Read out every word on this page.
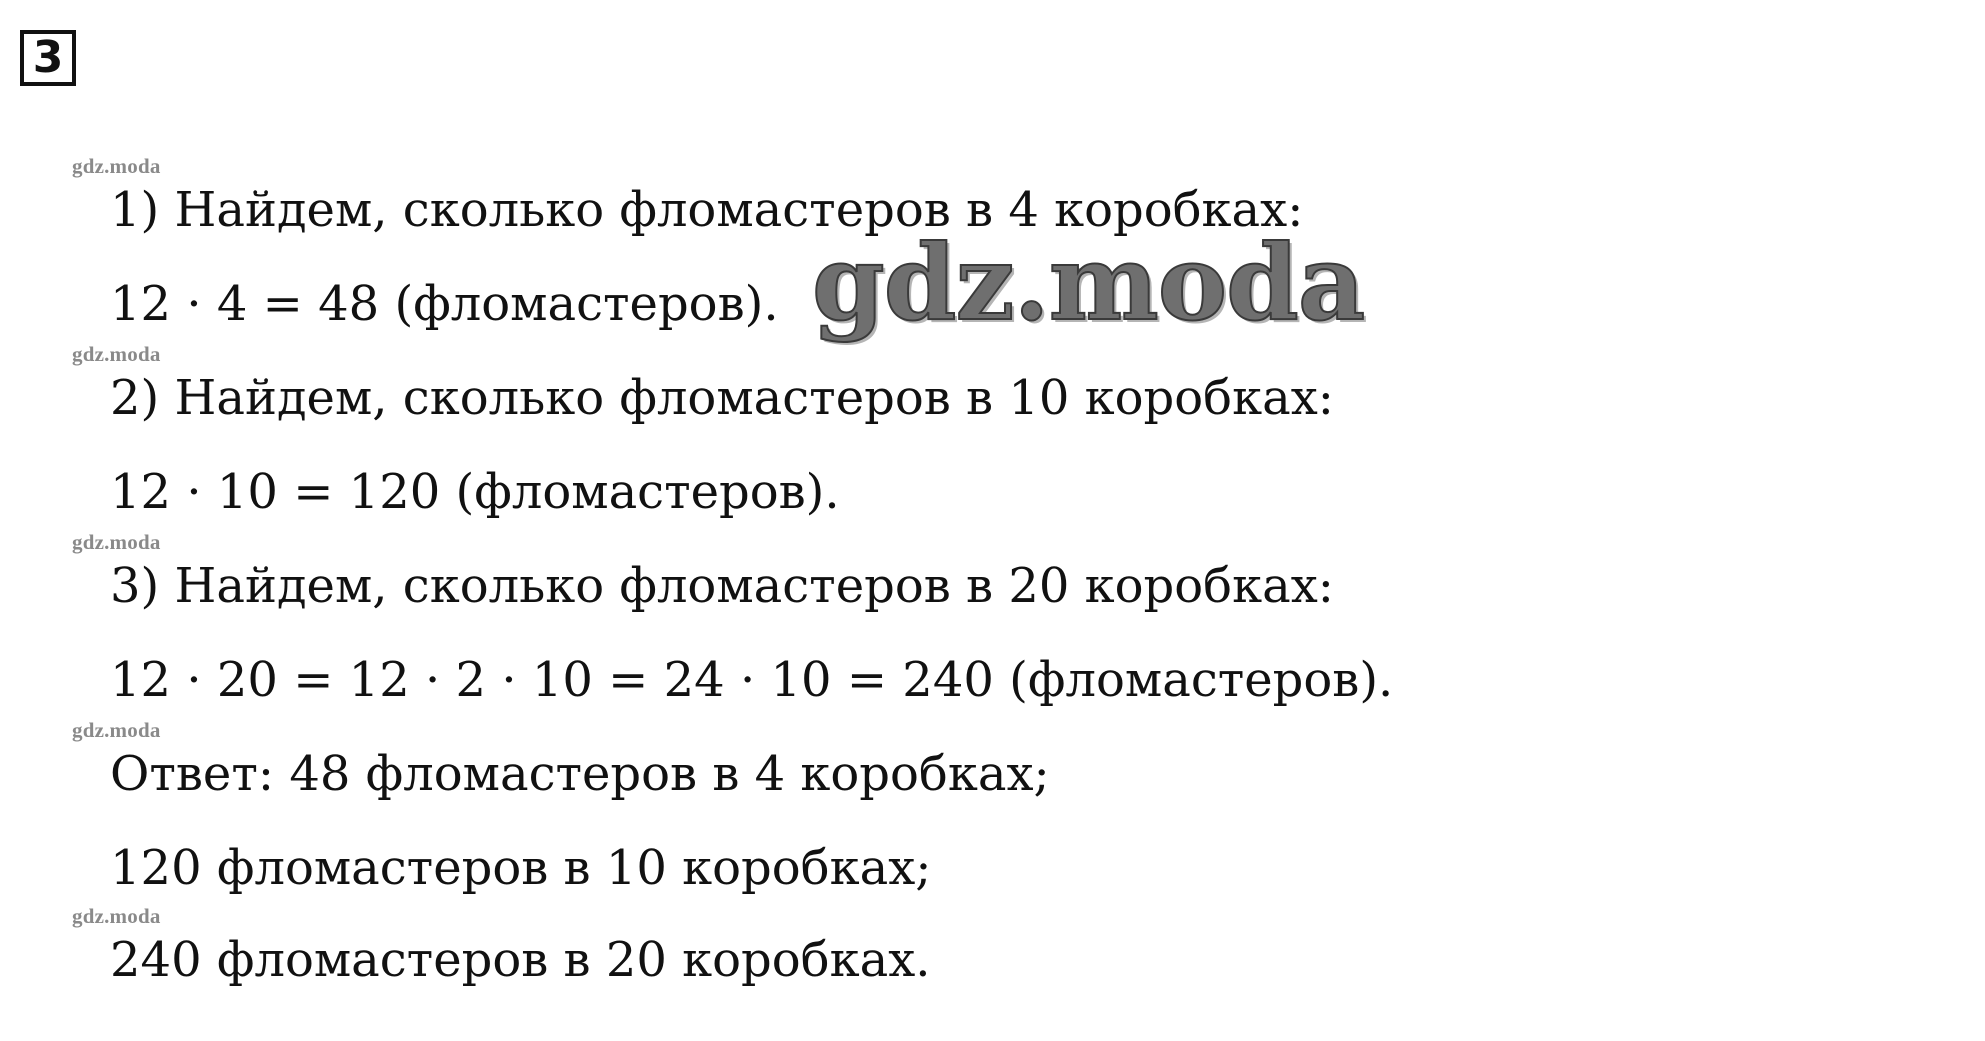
3
gdz.moda
gdz.moda
gdz.moda
gdz.moda
gdz.moda
1) Найдем, сколько фломастеров в 4 коробках:
12 · 4 = 48 (фломастеров).
2) Найдем, сколько фломастеров в 10 коробках:
12 · 10 = 120 (фломастеров).
3) Найдем, сколько фломастеров в 20 коробках:
12 · 20 = 12 · 2 · 10 = 24 · 10 = 240 (фломастеров).
Ответ: 48 фломастеров в 4 коробках;
120 фломастеров в 10 коробках;
240 фломастеров в 20 коробках.
gdz.moda
